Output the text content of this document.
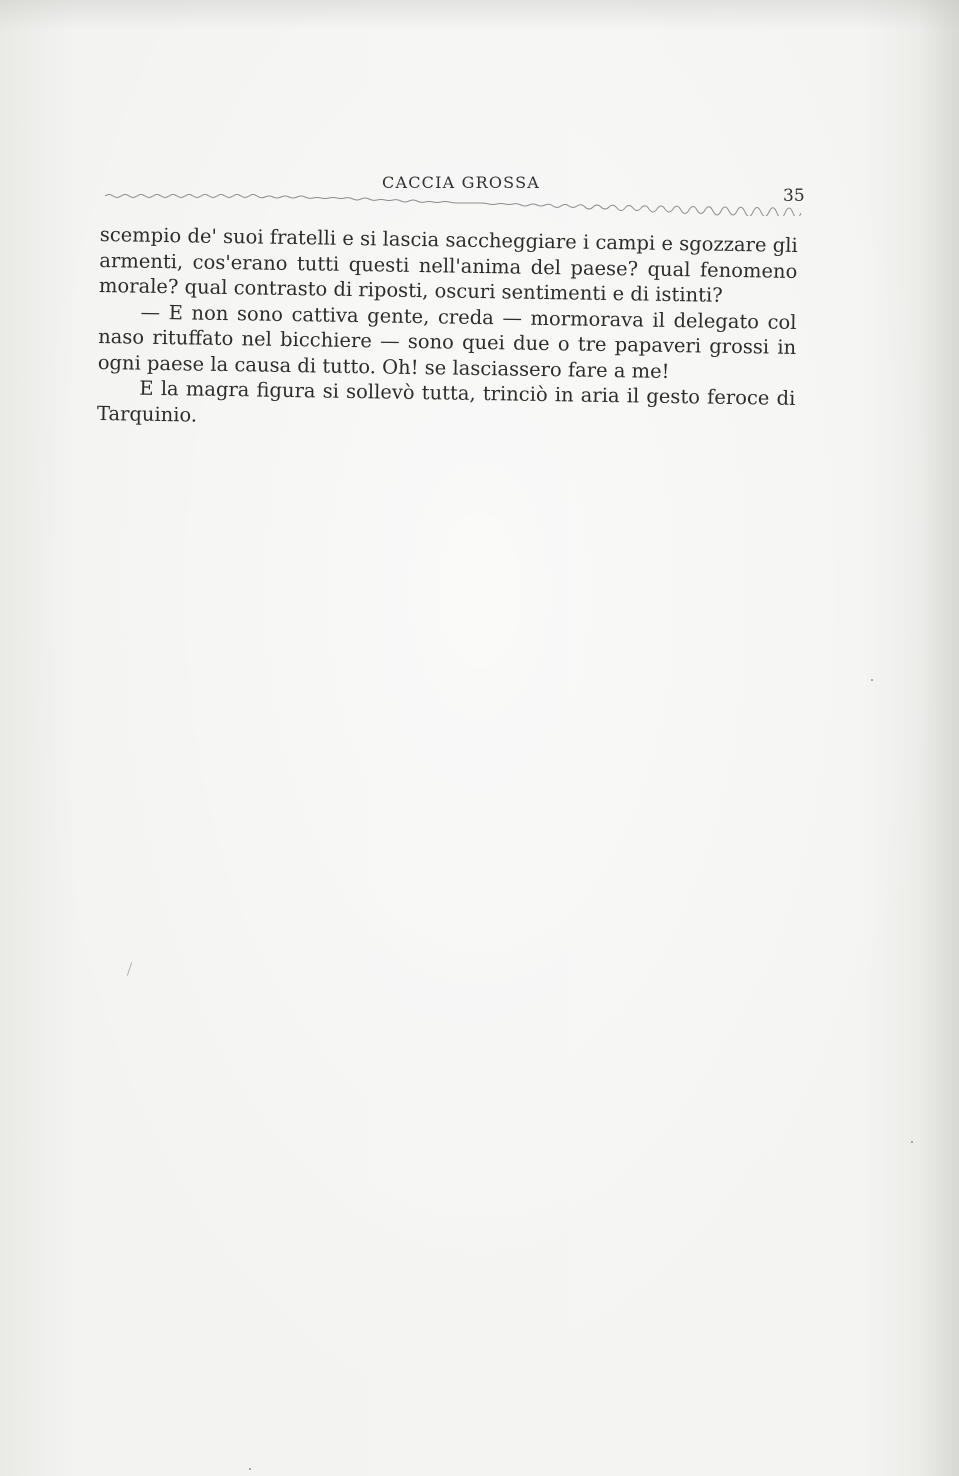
CACCIA GROSSA
35

scempio de' suoi fratelli e si lascia saccheggiare i campi e sgozzare gli armenti, cos'erano tutti questi nell'anima del paese? qual fenomeno morale? qual contrasto di riposti, oscuri sentimenti e di istinti?

— E non sono cattiva gente, creda — mormorava il delegato col naso rituffato nel bicchiere — sono quei due o tre papaveri grossi in ogni paese la causa di tutto. Oh! se lasciassero fare a me!

E la magra figura si sollevò tutta, trinciò in aria il gesto feroce di Tarquinio.
